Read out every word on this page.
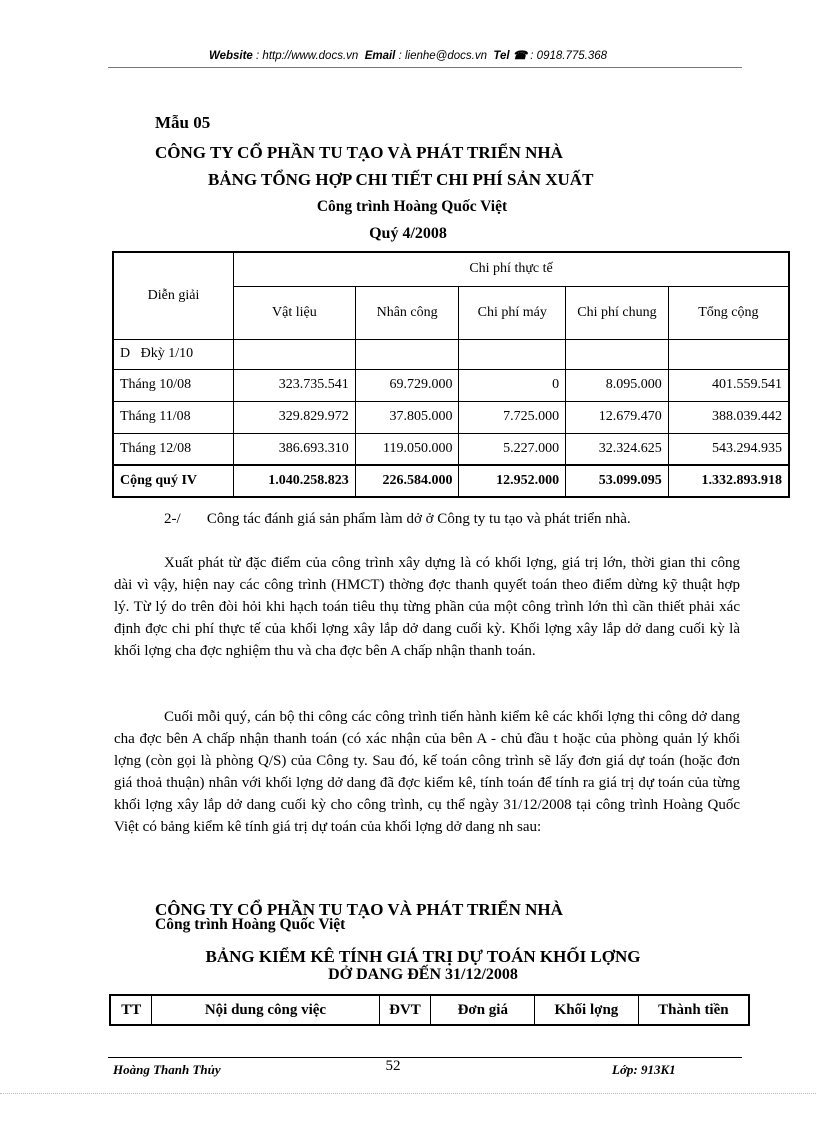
Website : http://www.docs.vn Email : lienhe@docs.vn Tel ☎ : 0918.775.368
Mẫu 05
CÔNG TY CỔ PHẦN TU TẠO VÀ PHÁT TRIỂN NHÀ
BẢNG TỔNG HỢP CHI TIẾT CHI PHÍ SẢN XUẤT
Công trình Hoàng Quốc Việt
Quý 4/2008
Diễn giải	Chi phí thực tế				
	Vật liệu	Nhân công	Chi phí máy	Chi phí chung	Tổng cộng
D   Đkỳ 1/10					
Tháng 10/08	323.735.541	69.729.000	0	8.095.000	401.559.541
Tháng 11/08	329.829.972	37.805.000	7.725.000	12.679.470	388.039.442
Tháng 12/08	386.693.310	119.050.000	5.227.000	32.324.625	543.294.935
Cộng quý IV	1.040.258.823	226.584.000	12.952.000	53.099.095	1.332.893.918
2-/       Công tác đánh giá sản phẩm làm dở ở Công ty tu tạo và phát triển nhà.
Xuất phát từ đặc điểm của công trình xây dựng là có khối lợng, giá trị lớn, thời gian thi công dài vì vậy, hiện nay các công trình (HMCT) thờng đợc thanh quyết toán theo điểm dừng kỹ thuật hợp lý. Từ lý do trên đòi hỏi khi hạch toán tiêu thụ từng phần của một công trình lớn thì cần thiết phải xác định đợc chi phí thực tế của khối lợng xây lắp dở dang cuối kỳ. Khối lợng xây lắp dở dang cuối kỳ là khối lợng cha đợc nghiệm thu và cha đợc bên A chấp nhận thanh toán.
Cuối mỗi quý, cán bộ thi công các công trình tiến hành kiểm kê các khối lợng thi công dở dang cha đợc bên A chấp nhận thanh toán (có xác nhận của bên A - chủ đầu t hoặc của phòng quản lý khối lợng (còn gọi là phòng Q/S) của Công ty. Sau đó, kế toán công trình sẽ lấy đơn giá dự toán (hoặc đơn giá thoả thuận) nhân với khối lợng dở dang đã đợc kiểm kê, tính toán để tính ra giá trị dự toán của từng khối lợng xây lắp dở dang cuối kỳ cho công trình, cụ thể ngày 31/12/2008 tại công trình Hoàng Quốc Việt có bảng kiểm kê tính giá trị dự toán của khối lợng dở dang nh sau:
CÔNG TY CỔ PHẦN TU TẠO VÀ PHÁT TRIỂN NHÀ
Công trình Hoàng Quốc Việt
BẢNG KIỂM KÊ TÍNH GIÁ TRỊ DỰ TOÁN KHỐI LỢNG
DỞ DANG ĐẾN 31/12/2008
TT	Nội dung công việc	ĐVT	Đơn giá	Khối lợng	Thành tiền
Hoàng Thanh Thủy	52	Lớp: 913K1
